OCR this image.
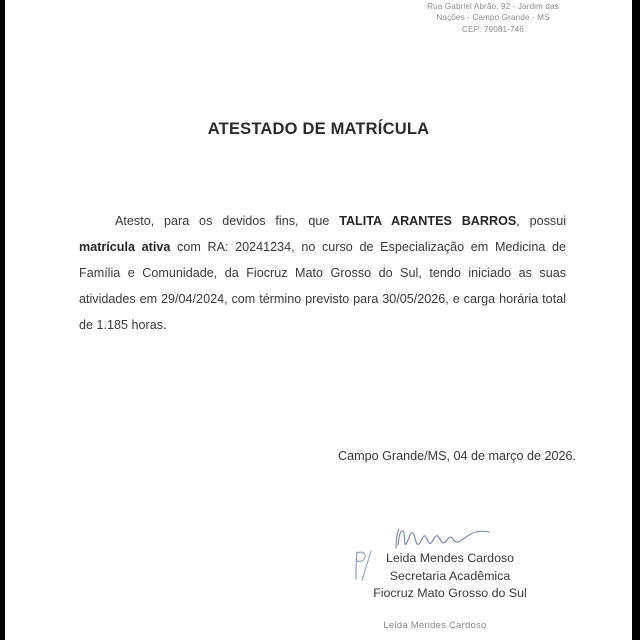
Rua Gabriel Abrão, 92 - Jardim das
Nações - Campo Grande - MS
CEP: 79081-746
ATESTADO DE MATRÍCULA
Atesto, para os devidos fins, que TALITA ARANTES BARROS, possui matrícula ativa com RA: 20241234, no curso de Especialização em Medicina de Família e Comunidade, da Fiocruz Mato Grosso do Sul, tendo iniciado as suas atividades em 29/04/2024, com término previsto para 30/05/2026, e carga horária total de 1.185 horas.
Campo Grande/MS, 04 de março de 2026.
Leida Mendes Cardoso
Secretaria Acadêmica
Fiocruz Mato Grosso do Sul
Leida Mendes Cardoso
